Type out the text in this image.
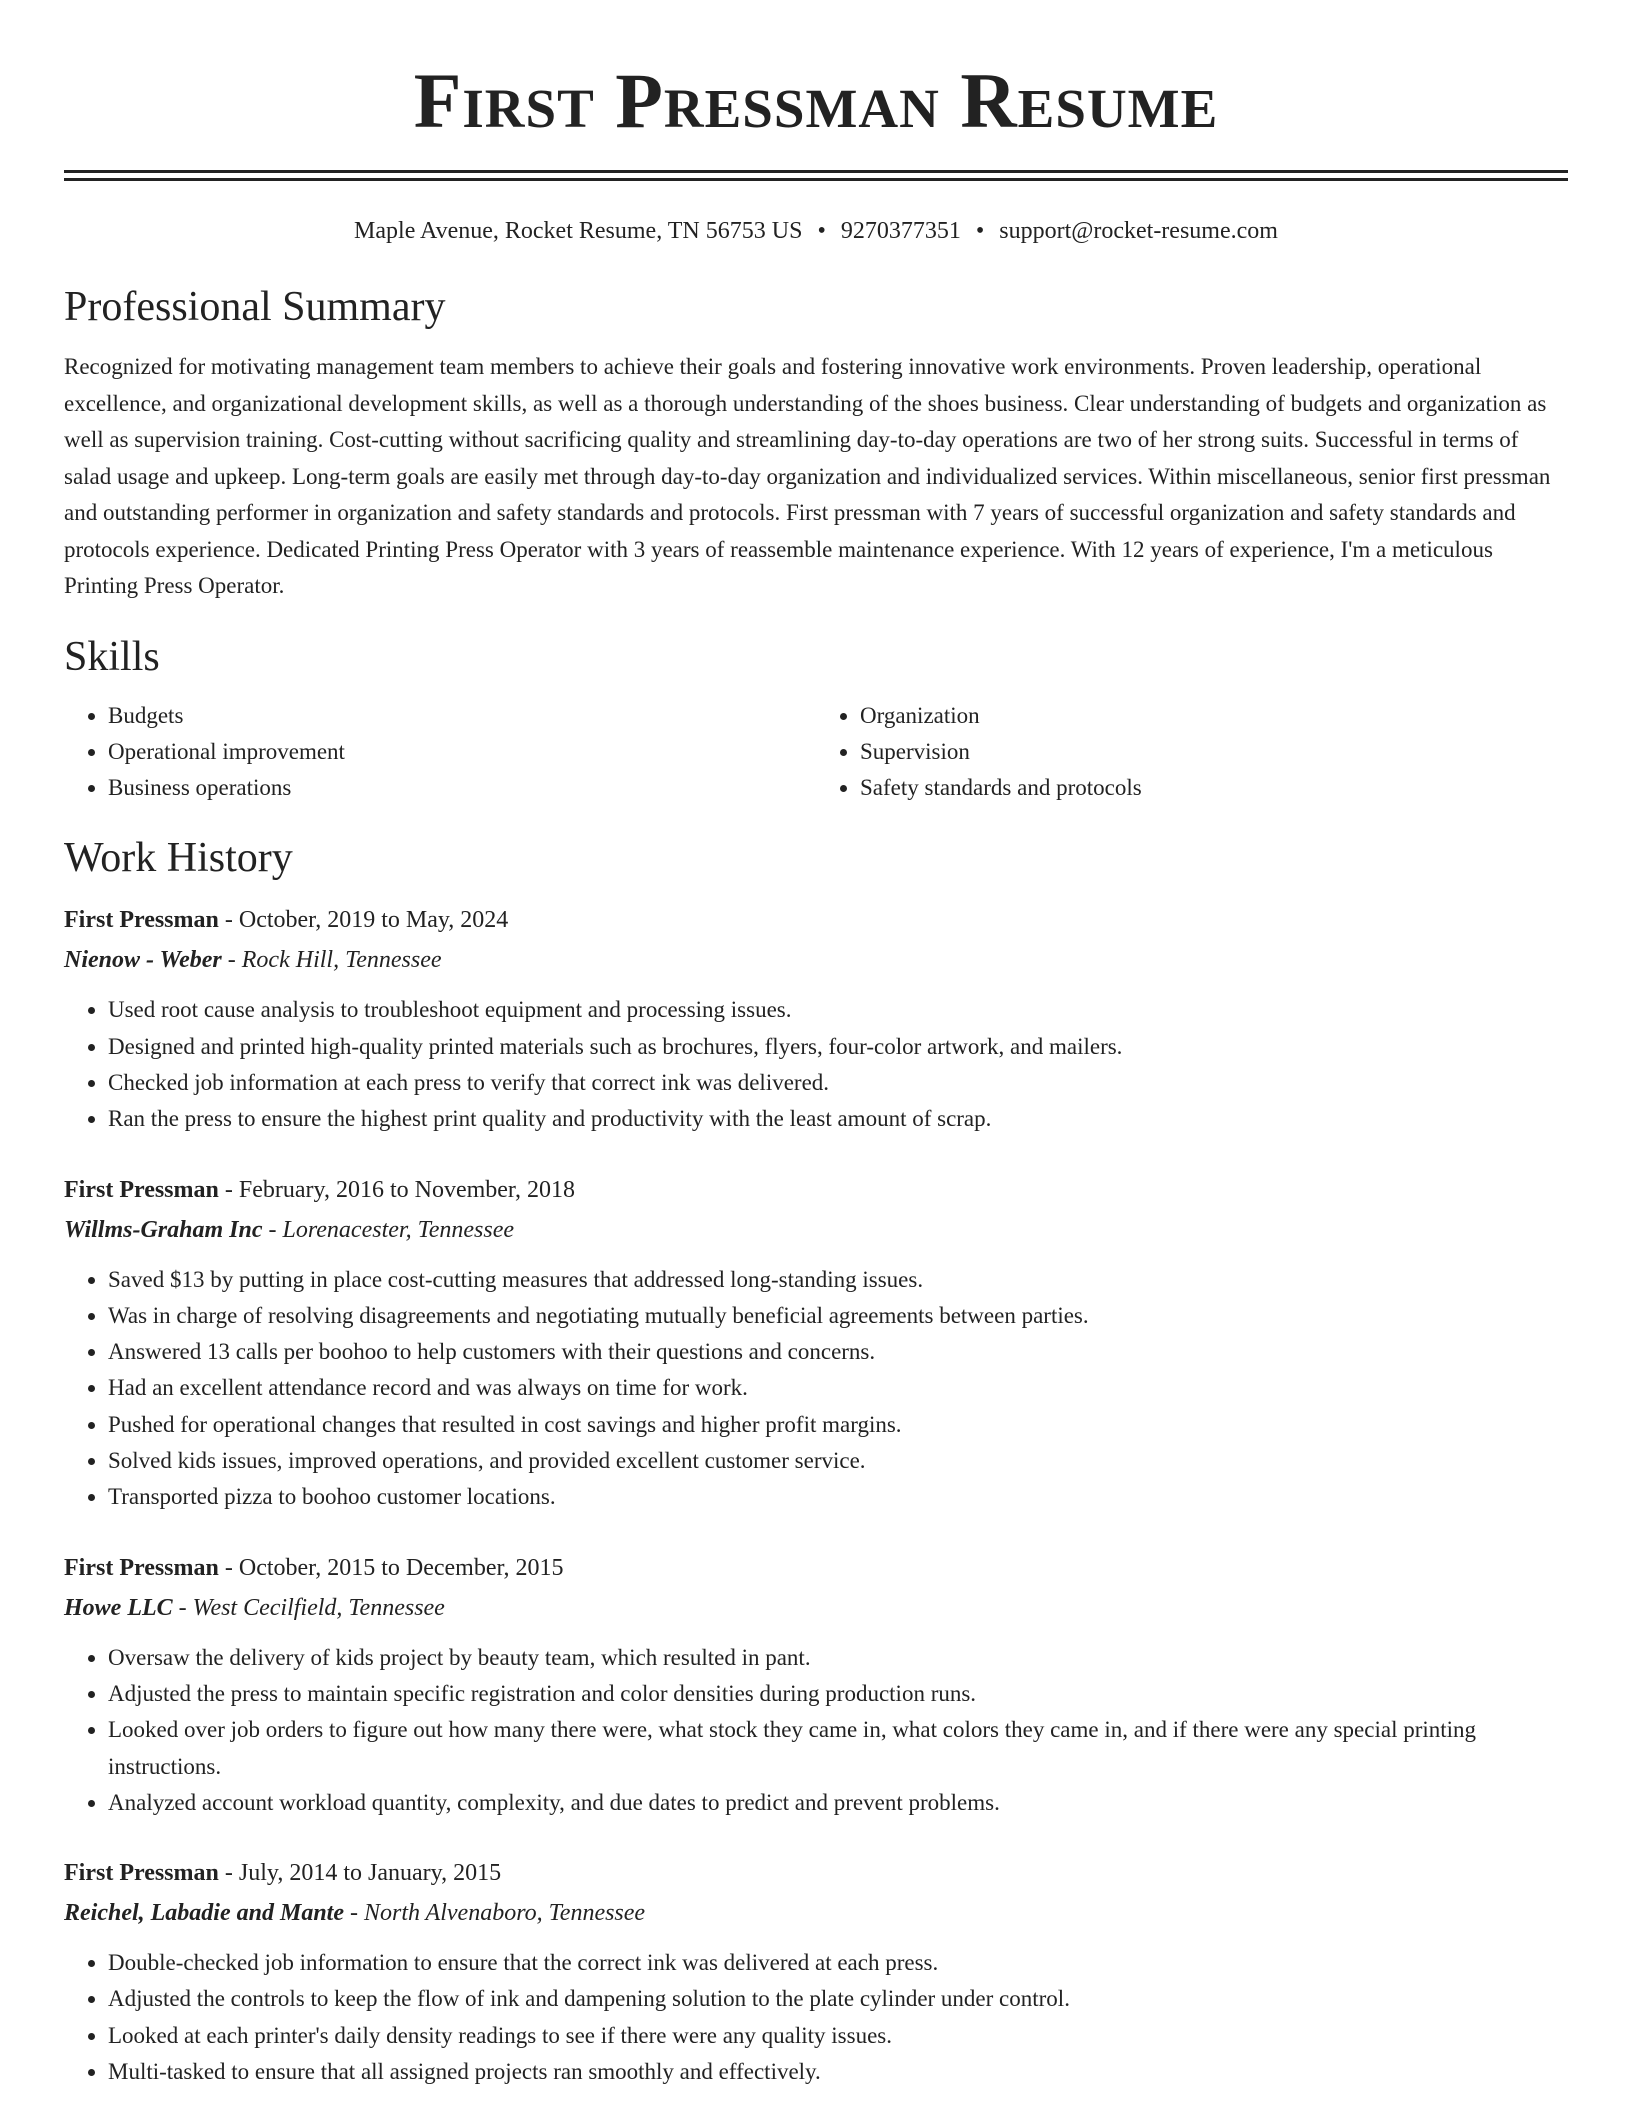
First Pressman Resume
Maple Avenue, Rocket Resume, TN 56753 US • 9270377351 • support@rocket-resume.com
Professional Summary

Recognized for motivating management team members to achieve their goals and fostering innovative work environments. Proven leadership, operational excellence, and organizational development skills, as well as a thorough understanding of the shoes business. Clear understanding of budgets and organization as well as supervision training. Cost-cutting without sacrificing quality and streamlining day-to-day operations are two of her strong suits. Successful in terms of salad usage and upkeep. Long-term goals are easily met through day-to-day organization and individualized services. Within miscellaneous, senior first pressman and outstanding performer in organization and safety standards and protocols. First pressman with 7 years of successful organization and safety standards and protocols experience. Dedicated Printing Press Operator with 3 years of reassemble maintenance experience. With 12 years of experience, I'm a meticulous Printing Press Operator.

Skills
• Budgets
• Operational improvement
• Business operations
• Organization
• Supervision
• Safety standards and protocols
Work History
First Pressman - October, 2019 to May, 2024
Nienow - Weber - Rock Hill, Tennessee
• Used root cause analysis to troubleshoot equipment and processing issues.
• Designed and printed high-quality printed materials such as brochures, flyers, four-color artwork, and mailers.
• Checked job information at each press to verify that correct ink was delivered.
• Ran the press to ensure the highest print quality and productivity with the least amount of scrap.
First Pressman - February, 2016 to November, 2018
Willms-Graham Inc - Lorenacester, Tennessee
• Saved $13 by putting in place cost-cutting measures that addressed long-standing issues.
• Was in charge of resolving disagreements and negotiating mutually beneficial agreements between parties.
• Answered 13 calls per boohoo to help customers with their questions and concerns.
• Had an excellent attendance record and was always on time for work.
• Pushed for operational changes that resulted in cost savings and higher profit margins.
• Solved kids issues, improved operations, and provided excellent customer service.
• Transported pizza to boohoo customer locations.
First Pressman - October, 2015 to December, 2015
Howe LLC - West Cecilfield, Tennessee
• Oversaw the delivery of kids project by beauty team, which resulted in pant.
• Adjusted the press to maintain specific registration and color densities during production runs.
• Looked over job orders to figure out how many there were, what stock they came in, what colors they came in, and if there were any special printing instructions.
• Analyzed account workload quantity, complexity, and due dates to predict and prevent problems.
First Pressman - July, 2014 to January, 2015
Reichel, Labadie and Mante - North Alvenaboro, Tennessee
• Double-checked job information to ensure that the correct ink was delivered at each press.
• Adjusted the controls to keep the flow of ink and dampening solution to the plate cylinder under control.
• Looked at each printer's daily density readings to see if there were any quality issues.
• Multi-tasked to ensure that all assigned projects ran smoothly and effectively.
